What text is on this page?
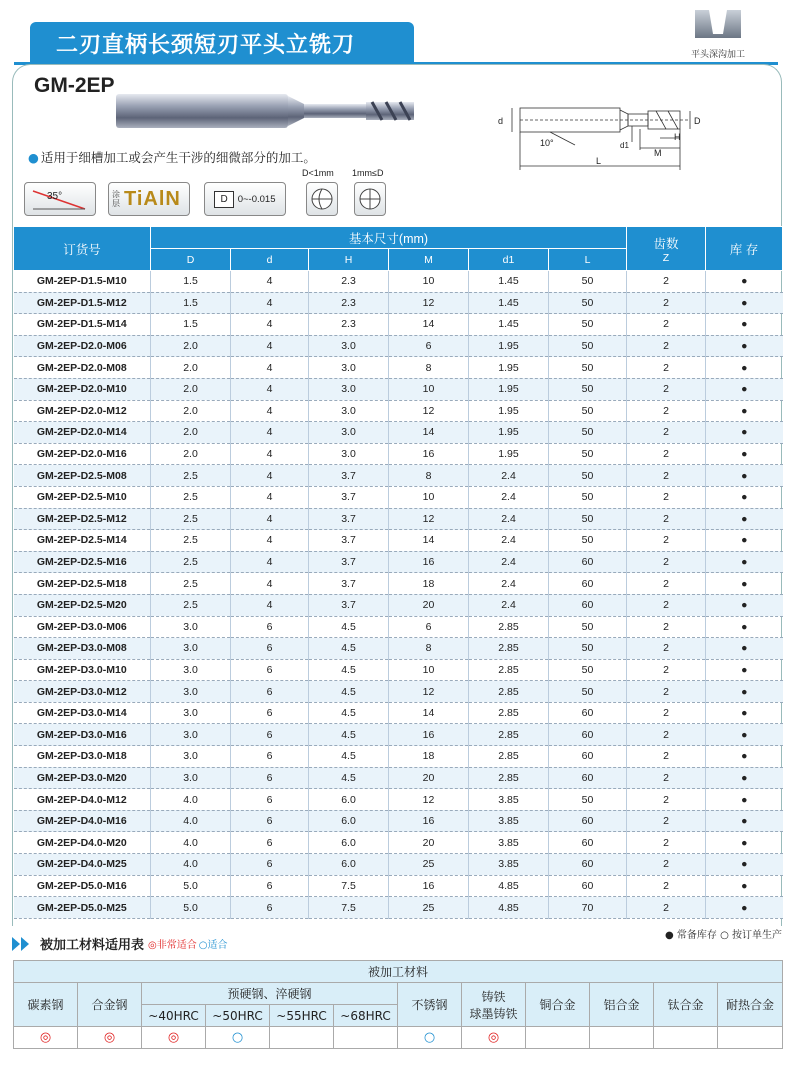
二刃直柄长颈短刃平头立铣刀	平头深沟加工
GM-2EP
d
10°	d1
M
H
D
L
● 适用于细槽加工或会产生干涉的细微部分的加工。
35°	涂层 TiAlN	D	0~-0.015
D<1mm 1mm≤D
订货号	基本尺寸(mm)						齿数
Z	库 存
	D	d	H	M	d1	L		
GM-2EP-D1.5-M10	1.5	4	2.3	10	1.45	50	2	●
GM-2EP-D1.5-M12	1.5	4	2.3	12	1.45	50	2	●
GM-2EP-D1.5-M14	1.5	4	2.3	14	1.45	50	2	●
GM-2EP-D2.0-M06	2.0	4	3.0	6	1.95	50	2	●
GM-2EP-D2.0-M08	2.0	4	3.0	8	1.95	50	2	●
GM-2EP-D2.0-M10	2.0	4	3.0	10	1.95	50	2	●
GM-2EP-D2.0-M12	2.0	4	3.0	12	1.95	50	2	●
GM-2EP-D2.0-M14	2.0	4	3.0	14	1.95	50	2	●
GM-2EP-D2.0-M16	2.0	4	3.0	16	1.95	50	2	●
GM-2EP-D2.5-M08	2.5	4	3.7	8	2.4	50	2	●
GM-2EP-D2.5-M10	2.5	4	3.7	10	2.4	50	2	●
GM-2EP-D2.5-M12	2.5	4	3.7	12	2.4	50	2	●
GM-2EP-D2.5-M14	2.5	4	3.7	14	2.4	50	2	●
GM-2EP-D2.5-M16	2.5	4	3.7	16	2.4	60	2	●
GM-2EP-D2.5-M18	2.5	4	3.7	18	2.4	60	2	●
GM-2EP-D2.5-M20	2.5	4	3.7	20	2.4	60	2	●
GM-2EP-D3.0-M06	3.0	6	4.5	6	2.85	50	2	●
GM-2EP-D3.0-M08	3.0	6	4.5	8	2.85	50	2	●
GM-2EP-D3.0-M10	3.0	6	4.5	10	2.85	50	2	●
GM-2EP-D3.0-M12	3.0	6	4.5	12	2.85	50	2	●
GM-2EP-D3.0-M14	3.0	6	4.5	14	2.85	60	2	●
GM-2EP-D3.0-M16	3.0	6	4.5	16	2.85	60	2	●
GM-2EP-D3.0-M18	3.0	6	4.5	18	2.85	60	2	●
GM-2EP-D3.0-M20	3.0	6	4.5	20	2.85	60	2	●
GM-2EP-D4.0-M12	4.0	6	6.0	12	3.85	50	2	●
GM-2EP-D4.0-M16	4.0	6	6.0	16	3.85	60	2	●
GM-2EP-D4.0-M20	4.0	6	6.0	20	3.85	60	2	●
GM-2EP-D4.0-M25	4.0	6	6.0	25	3.85	60	2	●
GM-2EP-D5.0-M16	5.0	6	7.5	16	4.85	60	2	●
GM-2EP-D5.0-M25	5.0	6	7.5	25	4.85	70	2	●
被加工材料适用表 ◎非常适合 ○适合
● 常备库存 ○ 按订单生产
被加工材料											
碳素钢	合金钢	预硬钢、淬硬钢				不锈钢	铸铁
球墨铸铁	铜合金	铝合金	钛合金	耐热合金
		~40HRC	~50HRC	~55HRC	~68HRC						
◎	◎	◎	○			○	◎				
